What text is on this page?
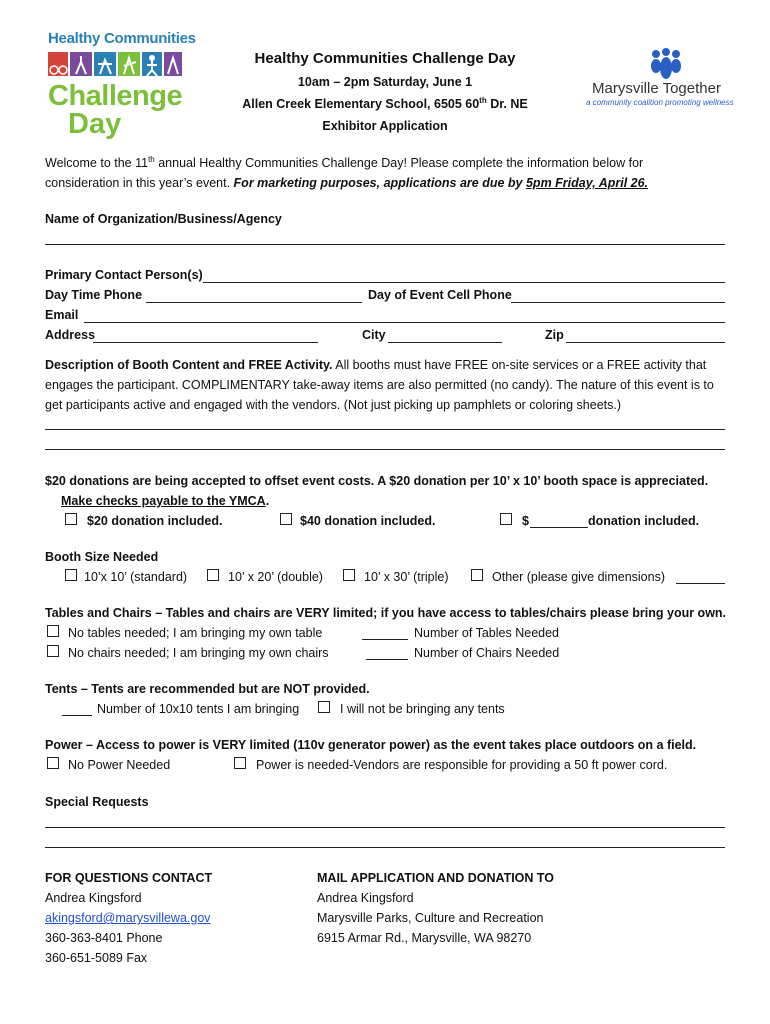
Healthy Communities
Challenge
Day
Marysville Together
a community coalition promoting wellness
Healthy Communities Challenge Day
10am – 2pm Saturday, June 1
Allen Creek Elementary School, 6505 60th Dr. NE
Exhibitor Application
Welcome to the 11th annual Healthy Communities Challenge Day! Please complete the information below for
consideration in this year’s event. For marketing purposes, applications are due by 5pm Friday, April 26.
Name of Organization/Business/Agency
Primary Contact Person(s)
Day Time Phone	Day of Event Cell Phone
Email
Address	City	Zip
Description of Booth Content and FREE Activity. All booths must have FREE on-site services or a FREE activity that
engages the participant. COMPLIMENTARY take-away items are also permitted (no candy). The nature of this event is to
get participants active and engaged with the vendors. (Not just picking up pamphlets or coloring sheets.)
$20 donations are being accepted to offset event costs. A $20 donation per 10’ x 10’ booth space is appreciated.
Make checks payable to the YMCA.
$20 donation included.	$40 donation included.	$	donation included.
Booth Size Needed
10’x 10’ (standard)	10’ x 20’ (double)	10’ x 30’ (triple)	Other (please give dimensions)
Tables and Chairs – Tables and chairs are VERY limited; if you have access to tables/chairs please bring your own.
No tables needed; I am bringing my own table	Number of Tables Needed
No chairs needed; I am bringing my own chairs	Number of Chairs Needed
Tents – Tents are recommended but are NOT provided.
Number of 10x10 tents I am bringing	I will not be bringing any tents
Power – Access to power is VERY limited (110v generator power) as the event takes place outdoors on a field.
No Power Needed	Power is needed-Vendors are responsible for providing a 50 ft power cord.
Special Requests
FOR QUESTIONS CONTACT
Andrea Kingsford
akingsford@marysvillewa.gov
360-363-8401 Phone
360-651-5089 Fax
MAIL APPLICATION AND DONATION TO
Andrea Kingsford
Marysville Parks, Culture and Recreation
6915 Armar Rd., Marysville, WA 98270
